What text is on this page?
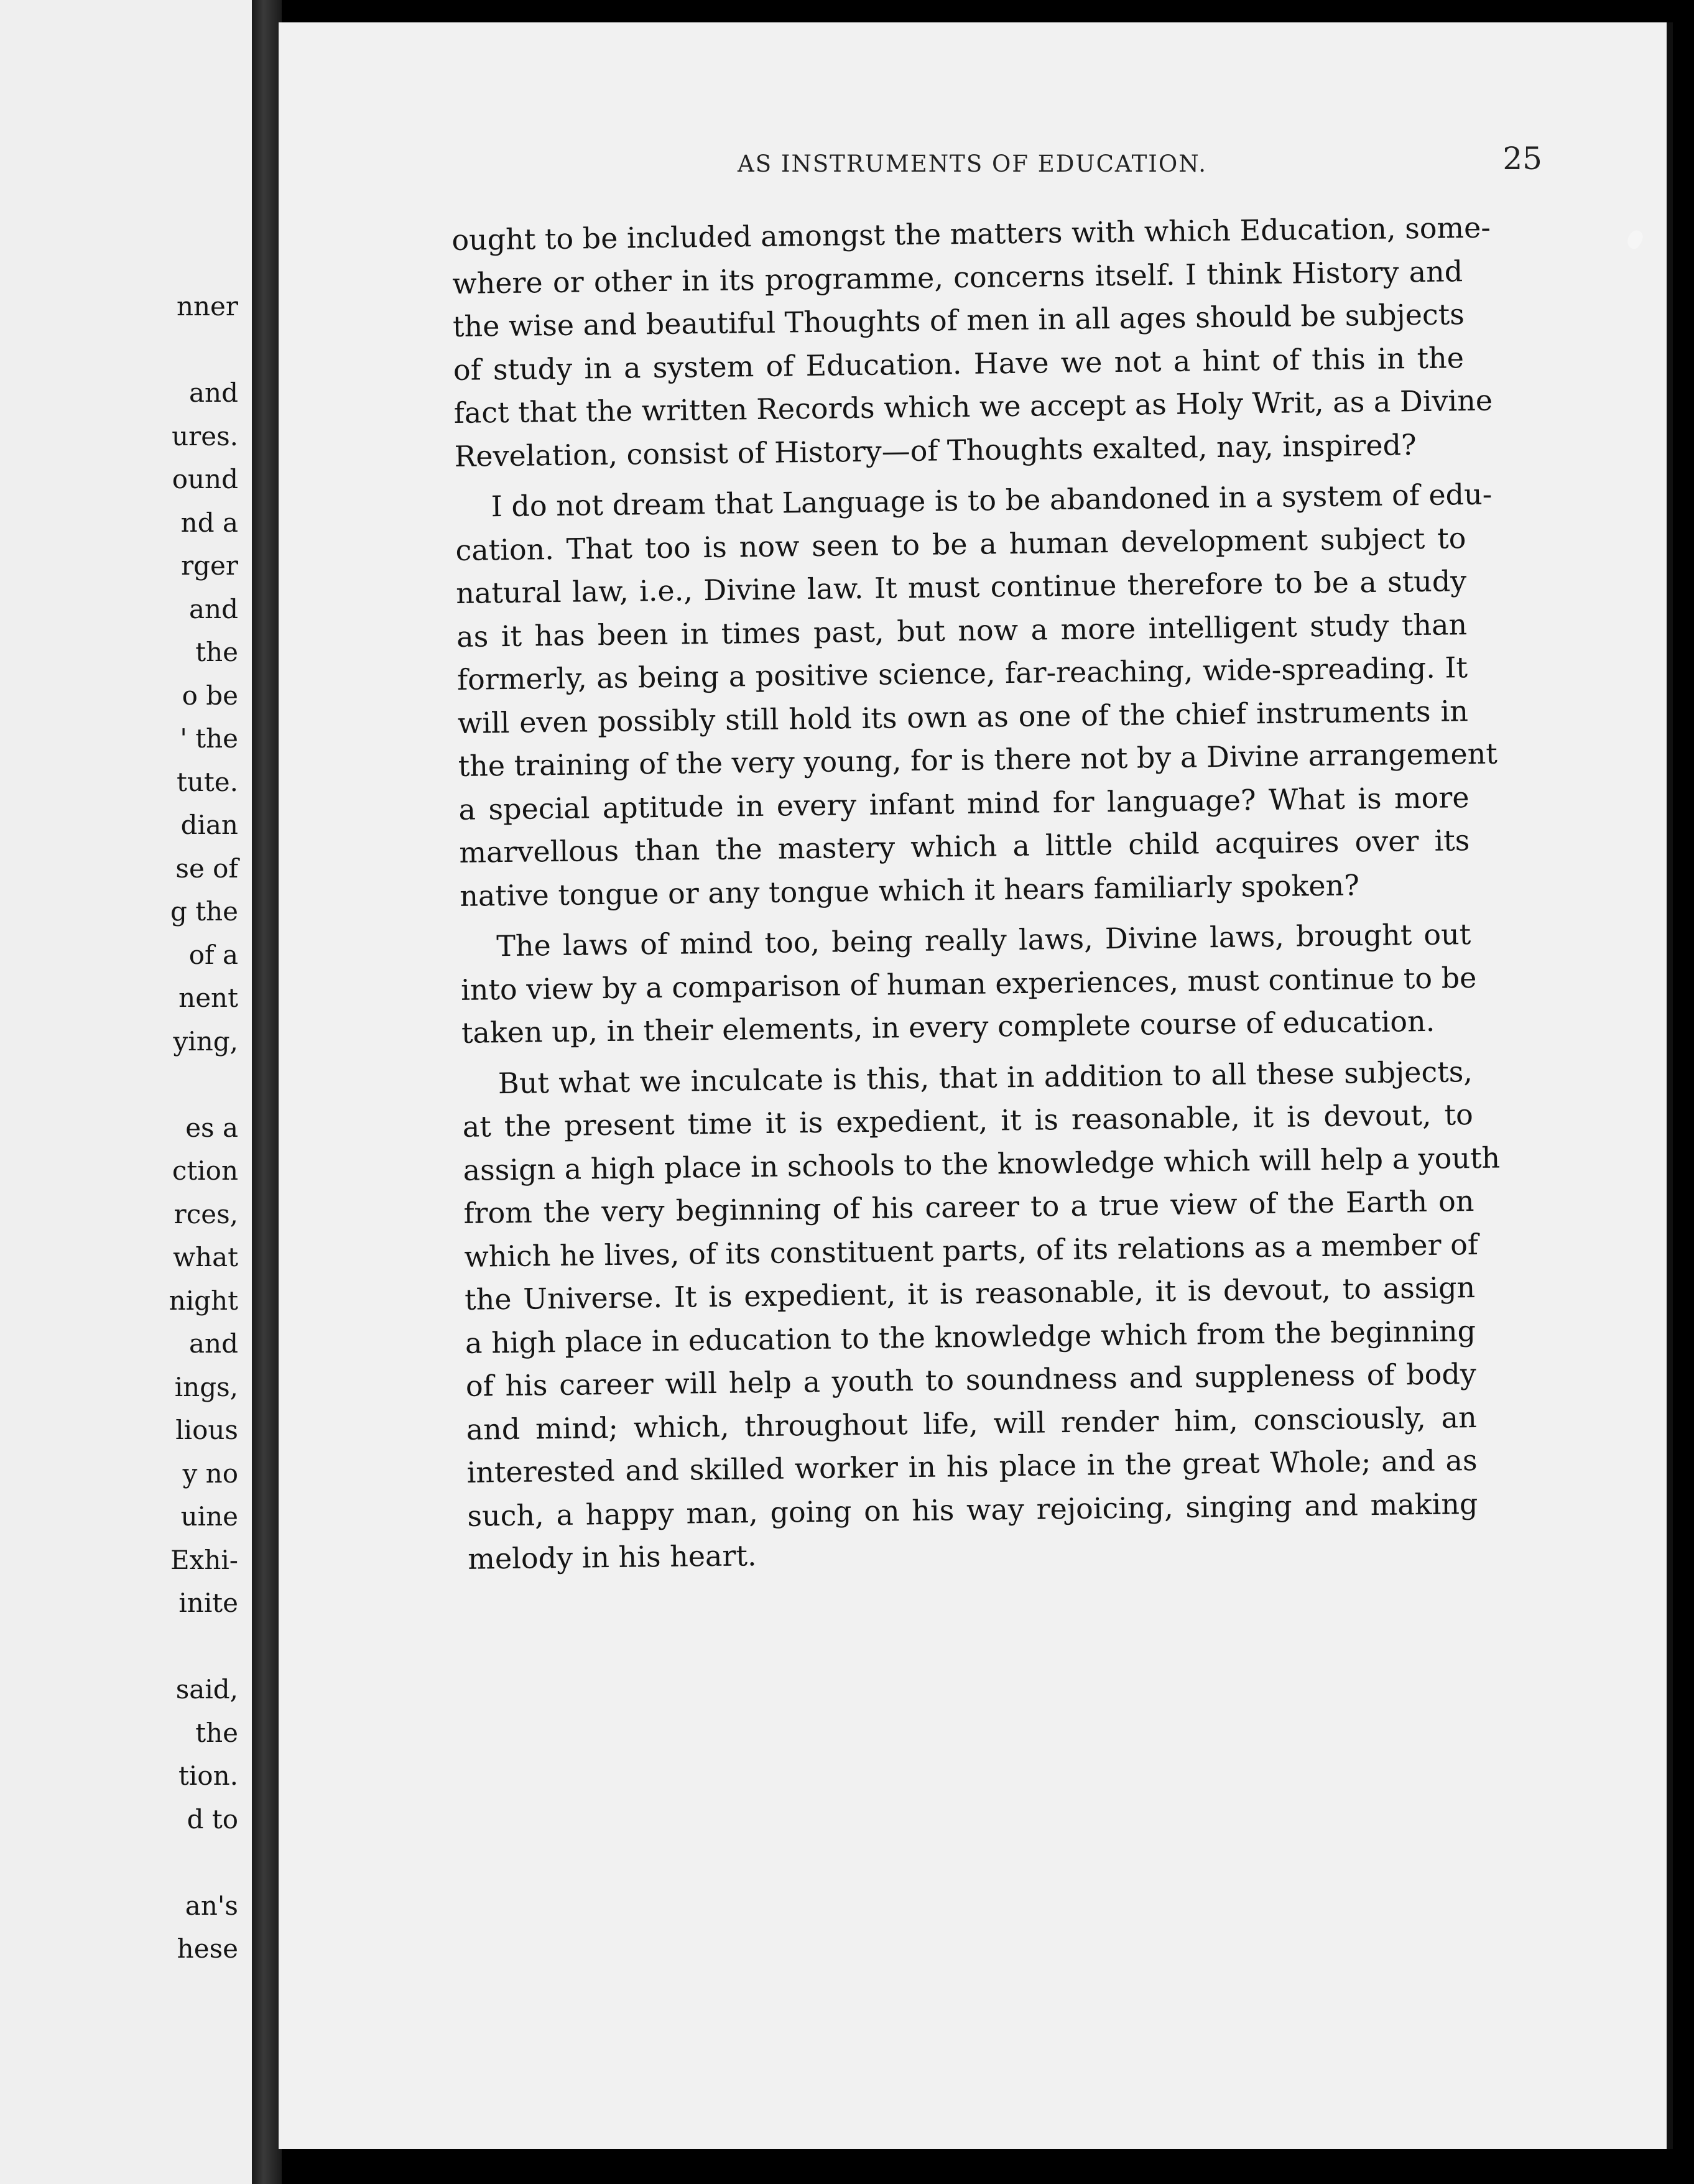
nner
and
ures.
ound
nd a
rger
and
the
o be
' the
tute.
dian
se of
g the
of a
nent
ying,
es a
ction
rces,
what
night
and
ings,
lious
y no
uine
Exhi-
inite
said,
the
tion.
d to
an's
hese
AS INSTRUMENTS OF EDUCATION.	25
ought to be included amongst the matters with which Education, some-
where or other in its programme, concerns itself. I think History and
the wise and beautiful Thoughts of men in all ages should be subjects
of study in a system of Education. Have we not a hint of this in the
fact that the written Records which we accept as Holy Writ, as a Divine
Revelation, consist of History—of Thoughts exalted, nay, inspired?
I do not dream that Language is to be abandoned in a system of edu-
cation. That too is now seen to be a human development subject to
natural law, i.e., Divine law. It must continue therefore to be a study
as it has been in times past, but now a more intelligent study than
formerly, as being a positive science, far-reaching, wide-spreading. It
will even possibly still hold its own as one of the chief instruments in
the training of the very young, for is there not by a Divine arrangement
a special aptitude in every infant mind for language? What is more
marvellous than the mastery which a little child acquires over its
native tongue or any tongue which it hears familiarly spoken?
The laws of mind too, being really laws, Divine laws, brought out
into view by a comparison of human experiences, must continue to be
taken up, in their elements, in every complete course of education.
But what we inculcate is this, that in addition to all these subjects,
at the present time it is expedient, it is reasonable, it is devout, to
assign a high place in schools to the knowledge which will help a youth
from the very beginning of his career to a true view of the Earth on
which he lives, of its constituent parts, of its relations as a member of
the Universe. It is expedient, it is reasonable, it is devout, to assign
a high place in education to the knowledge which from the beginning
of his career will help a youth to soundness and suppleness of body
and mind; which, throughout life, will render him, consciously, an
interested and skilled worker in his place in the great Whole; and as
such, a happy man, going on his way rejoicing, singing and making
melody in his heart.
